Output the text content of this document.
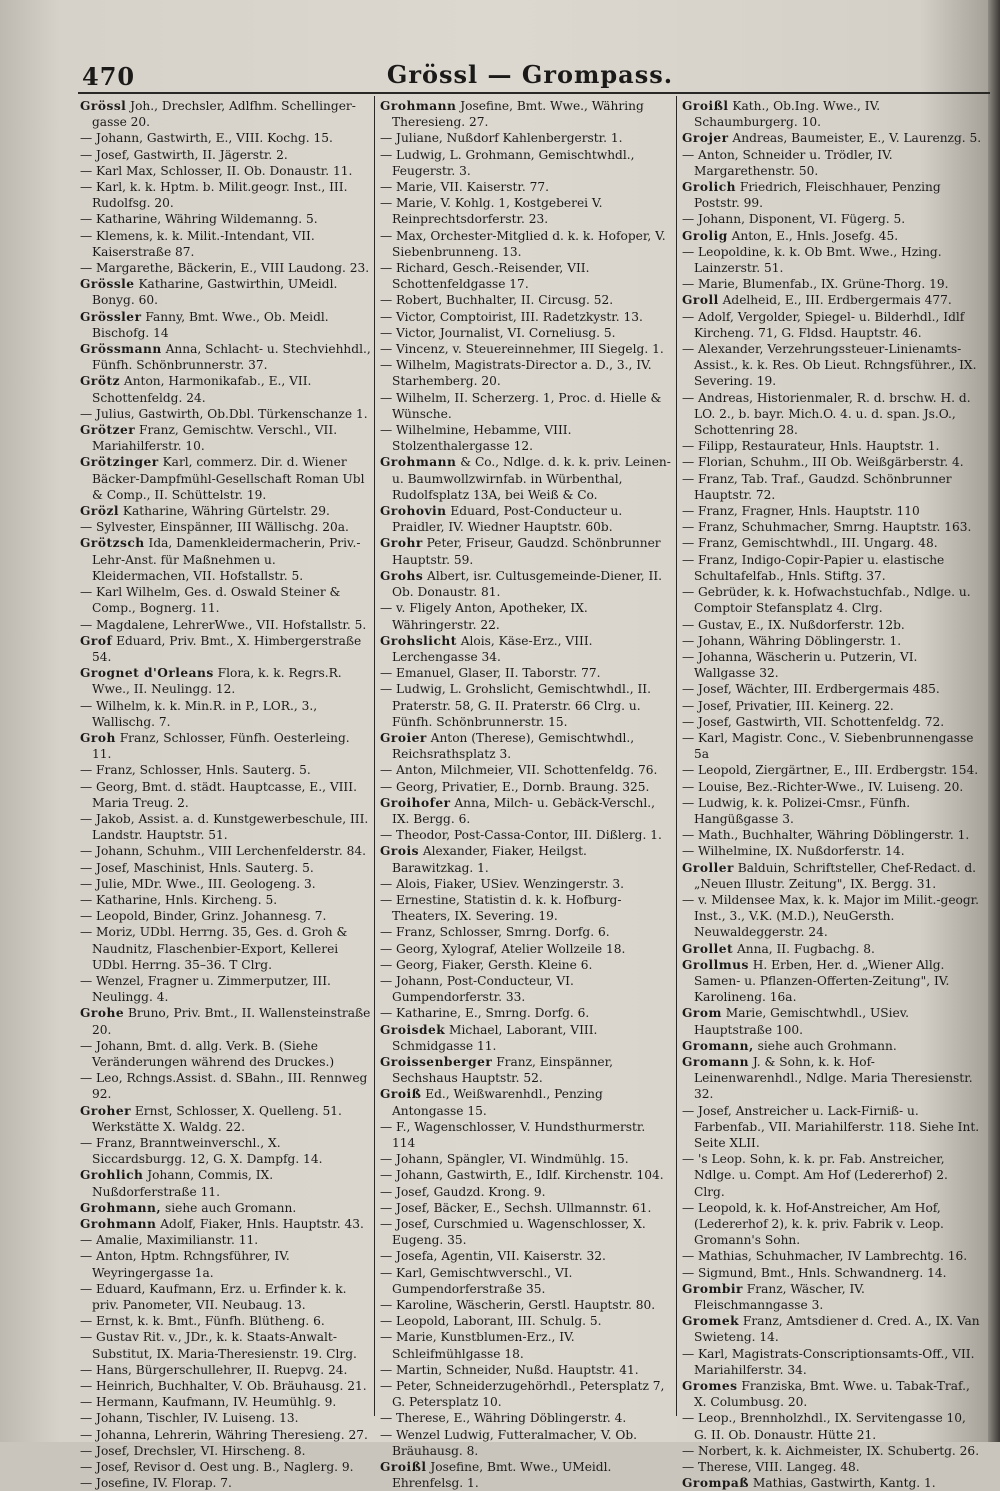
470	Grössl — Grompass.

Grössl Joh., Drechsler, Adlfhm. Schellinger-gasse 20.

— Johann, Gastwirth, E., VIII. Kochg. 15.

— Josef, Gastwirth, II. Jägerstr. 2.

— Karl Max, Schlosser, II. Ob. Donaustr. 11.

— Karl, k. k. Hptm. b. Milit.geogr. Inst., III. Rudolfsg. 20.

— Katharine, Währing Wildemanng. 5.

— Klemens, k. k. Milit.-Intendant, VII. Kaiserstraße 87.

— Margarethe, Bäckerin, E., VIII Laudong. 23.

Grössle Katharine, Gastwirthin, UMeidl. Bonyg. 60.

Grössler Fanny, Bmt. Wwe., Ob. Meidl. Bischofg. 14

Grössmann Anna, Schlacht- u. Stechviehhdl., Fünfh. Schönbrunnerstr. 37.

Grötz Anton, Harmonikafab., E., VII. Schottenfeldg. 24.

— Julius, Gastwirth, Ob.Dbl. Türkenschanze 1.

Grötzer Franz, Gemischtw. Verschl., VII. Mariahilferstr. 10.

Grötzinger Karl, commerz. Dir. d. Wiener Bäcker-Dampfmühl-Gesellschaft Roman Ubl & Comp., II. Schüttelstr. 19.

Grözl Katharine, Währing Gürtelstr. 29.

— Sylvester, Einspänner, III Wällischg. 20a.

Grötzsch Ida, Damenkleidermacherin, Priv.-Lehr-Anst. für Maßnehmen u. Kleidermachen, VII. Hofstallstr. 5.

— Karl Wilhelm, Ges. d. Oswald Steiner & Comp., Bognerg. 11.

— Magdalene, LehrerWwe., VII. Hofstallstr. 5.

Grof Eduard, Priv. Bmt., X. Himbergerstraße 54.

Grognet d'Orleans Flora, k. k. Regrs.R. Wwe., II. Neulingg. 12.

— Wilhelm, k. k. Min.R. in P., LOR., 3., Wallischg. 7.

Groh Franz, Schlosser, Fünfh. Oesterleing. 11.

— Franz, Schlosser, Hnls. Sauterg. 5.

— Georg, Bmt. d. städt. Hauptcasse, E., VIII. Maria Treug. 2.

— Jakob, Assist. a. d. Kunstgewerbeschule, III. Landstr. Hauptstr. 51.

— Johann, Schuhm., VIII Lerchenfelderstr. 84.

— Josef, Maschinist, Hnls. Sauterg. 5.

— Julie, MDr. Wwe., III. Geologeng. 3.

— Katharine, Hnls. Kircheng. 5.

— Leopold, Binder, Grinz. Johannesg. 7.

— Moriz, UDbl. Herrng. 35, Ges. d. Groh & Naudnitz, Flaschenbier-Export, Kellerei UDbl. Herrng. 35–36. T Clrg.

— Wenzel, Fragner u. Zimmerputzer, III. Neulingg. 4.

Grohe Bruno, Priv. Bmt., II. Wallensteinstraße 20.

— Johann, Bmt. d. allg. Verk. B. (Siehe Veränderungen während des Druckes.)

— Leo, Rchngs.Assist. d. SBahn., III. Rennweg 92.

Groher Ernst, Schlosser, X. Quelleng. 51. Werkstätte X. Waldg. 22.

— Franz, Branntweinverschl., X. Siccardsburgg. 12, G. X. Dampfg. 14.

Grohlich Johann, Commis, IX. Nußdorferstraße 11.

Grohmann, siehe auch Gromann.

Grohmann Adolf, Fiaker, Hnls. Hauptstr. 43.

— Amalie, Maximilianstr. 11.

— Anton, Hptm. Rchngsführer, IV. Weyringergasse 1a.

— Eduard, Kaufmann, Erz. u. Erfinder k. k. priv. Panometer, VII. Neubaug. 13.

— Ernst, k. k. Bmt., Fünfh. Blütheng. 6.

— Gustav Rit. v., JDr., k. k. Staats-Anwalt-Substitut, IX. Maria-Theresienstr. 19. Clrg.

— Hans, Bürgerschullehrer, II. Ruepvg. 24.

— Heinrich, Buchhalter, V. Ob. Bräuhausg. 21.

— Hermann, Kaufmann, IV. Heumühlg. 9.

— Johann, Tischler, IV. Luiseng. 13.

— Johanna, Lehrerin, Währing Theresieng. 27.

— Josef, Drechsler, VI. Hirscheng. 8.

— Josef, Revisor d. Oest ung. B., Naglerg. 9.

— Josefine, IV. Florap. 7.

Grohmann Josefine, Bmt. Wwe., Währing Theresieng. 27.

— Juliane, Nußdorf Kahlenbergerstr. 1.

— Ludwig, L. Grohmann, Gemischtwhdl., Feugerstr. 3.

— Marie, VII. Kaiserstr. 77.

— Marie, V. Kohlg. 1, Kostgeberei V. Reinprechtsdorferstr. 23.

— Max, Orchester-Mitglied d. k. k. Hofoper, V. Siebenbrunneng. 13.

— Richard, Gesch.-Reisender, VII. Schottenfeldgasse 17.

— Robert, Buchhalter, II. Circusg. 52.

— Victor, Comptoirist, III. Radetzkystr. 13.

— Victor, Journalist, VI. Corneliusg. 5.

— Vincenz, v. Steuereinnehmer, III Siegelg. 1.

— Wilhelm, Magistrats-Director a. D., 3., IV. Starhemberg. 20.

— Wilhelm, II. Scherzerg. 1, Proc. d. Hielle & Wünsche.

— Wilhelmine, Hebamme, VIII. Stolzenthalergasse 12.

Grohmann & Co., Ndlge. d. k. k. priv. Leinen- u. Baumwollzwirnfab. in Würbenthal, Rudolfsplatz 13A, bei Weiß & Co.

Grohovin Eduard, Post-Conducteur u. Praidler, IV. Wiedner Hauptstr. 60b.

Grohr Peter, Friseur, Gaudzd. Schönbrunner Hauptstr. 59.

Grohs Albert, isr. Cultusgemeinde-Diener, II. Ob. Donaustr. 81.

— v. Fligely Anton, Apotheker, IX. Währingerstr. 22.

Grohslicht Alois, Käse-Erz., VIII. Lerchengasse 34.

— Emanuel, Glaser, II. Taborstr. 77.

— Ludwig, L. Grohslicht, Gemischtwhdl., II. Praterstr. 58, G. II. Praterstr. 66 Clrg. u. Fünfh. Schönbrunnerstr. 15.

Groier Anton (Therese), Gemischtwhdl., Reichsrathsplatz 3.

— Anton, Milchmeier, VII. Schottenfeldg. 76.

— Georg, Privatier, E., Dornb. Braung. 325.

Groihofer Anna, Milch- u. Gebäck-Verschl., IX. Bergg. 6.

— Theodor, Post-Cassa-Contor, III. Dißlerg. 1.

Grois Alexander, Fiaker, Heilgst. Barawitzkag. 1.

— Alois, Fiaker, USiev. Wenzingerstr. 3.

— Ernestine, Statistin d. k. k. Hofburg-Theaters, IX. Severing. 19.

— Franz, Schlosser, Smrng. Dorfg. 6.

— Georg, Xylograf, Atelier Wollzeile 18.

— Georg, Fiaker, Gersth. Kleine 6.

— Johann, Post-Conducteur, VI. Gumpendorferstr. 33.

— Katharine, E., Smrng. Dorfg. 6.

Groisdek Michael, Laborant, VIII. Schmidgasse 11.

Groissenberger Franz, Einspänner, Sechshaus Hauptstr. 52.

Groiß Ed., Weißwarenhdl., Penzing Antongasse 15.

— F., Wagenschlosser, V. Hundsthurmerstr. 114

— Johann, Spängler, VI. Windmühlg. 15.

— Johann, Gastwirth, E., Idlf. Kirchenstr. 104.

— Josef, Gaudzd. Krong. 9.

— Josef, Bäcker, E., Sechsh. Ullmannstr. 61.

— Josef, Curschmied u. Wagenschlosser, X. Eugeng. 35.

— Josefa, Agentin, VII. Kaiserstr. 32.

— Karl, Gemischtwverschl., VI. Gumpendorferstraße 35.

— Karoline, Wäscherin, Gerstl. Hauptstr. 80.

— Leopold, Laborant, III. Schulg. 5.

— Marie, Kunstblumen-Erz., IV. Schleifmühlgasse 18.

— Martin, Schneider, Nußd. Hauptstr. 41.

— Peter, Schneiderzugehörhdl., Petersplatz 7, G. Petersplatz 10.

— Therese, E., Währing Döblingerstr. 4.

— Wenzel Ludwig, Futteralmacher, V. Ob. Bräuhausg. 8.

Groißl Josefine, Bmt. Wwe., UMeidl. Ehrenfelsg. 1.

Groißl Kath., Ob.Ing. Wwe., IV. Schaumburgerg. 10.

Grojer Andreas, Baumeister, E., V. Laurenzg. 5.

— Anton, Schneider u. Trödler, IV. Margarethenstr. 50.

Grolich Friedrich, Fleischhauer, Penzing Poststr. 99.

— Johann, Disponent, VI. Fügerg. 5.

Grolig Anton, E., Hnls. Josefg. 45.

— Leopoldine, k. k. Ob Bmt. Wwe., Hzing. Lainzerstr. 51.

— Marie, Blumenfab., IX. Grüne-Thorg. 19.

Groll Adelheid, E., III. Erdbergermais 477.

— Adolf, Vergolder, Spiegel- u. Bilderhdl., Idlf Kircheng. 71, G. Fldsd. Hauptstr. 46.

— Alexander, Verzehrungssteuer-Linienamts-Assist., k. k. Res. Ob Lieut. Rchngsführer., IX. Severing. 19.

— Andreas, Historienmaler, R. d. brschw. H. d. LO. 2., b. bayr. Mich.O. 4. u. d. span. Js.O., Schottenring 28.

— Filipp, Restaurateur, Hnls. Hauptstr. 1.

— Florian, Schuhm., III Ob. Weißgärberstr. 4.

— Franz, Tab. Traf., Gaudzd. Schönbrunner Hauptstr. 72.

— Franz, Fragner, Hnls. Hauptstr. 110

— Franz, Schuhmacher, Smrng. Hauptstr. 163.

— Franz, Gemischtwhdl., III. Ungarg. 48.

— Franz, Indigo-Copir-Papier u. elastische Schultafelfab., Hnls. Stiftg. 37.

— Gebrüder, k. k. Hofwachstuchfab., Ndlge. u. Comptoir Stefansplatz 4. Clrg.

— Gustav, E., IX. Nußdorferstr. 12b.

— Johann, Währing Döblingerstr. 1.

— Johanna, Wäscherin u. Putzerin, VI. Wallgasse 32.

— Josef, Wächter, III. Erdbergermais 485.

— Josef, Privatier, III. Keinerg. 22.

— Josef, Gastwirth, VII. Schottenfeldg. 72.

— Karl, Magistr. Conc., V. Siebenbrunnengasse 5a

— Leopold, Ziergärtner, E., III. Erdbergstr. 154.

— Louise, Bez.-Richter-Wwe., IV. Luiseng. 20.

— Ludwig, k. k. Polizei-Cmsr., Fünfh. Hangüßgasse 3.

— Math., Buchhalter, Währing Döblingerstr. 1.

— Wilhelmine, IX. Nußdorferstr. 14.

Groller Balduin, Schriftsteller, Chef-Redact. d. „Neuen Illustr. Zeitung", IX. Bergg. 31.

— v. Mildensee Max, k. k. Major im Milit.-geogr. Inst., 3., V.K. (M.D.), NeuGersth. Neuwaldeggerstr. 24.

Grollet Anna, II. Fugbachg. 8.

Grollmus H. Erben, Her. d. „Wiener Allg. Samen- u. Pflanzen-Offerten-Zeitung", IV. Karolineng. 16a.

Grom Marie, Gemischtwhdl., USiev. Hauptstraße 100.

Gromann, siehe auch Grohmann.

Gromann J. & Sohn, k. k. Hof-Leinenwarenhdl., Ndlge. Maria Theresienstr. 32.

— Josef, Anstreicher u. Lack-Firniß- u. Farbenfab., VII. Mariahilferstr. 118. Siehe Int. Seite XLII.

— 's Leop. Sohn, k. k. pr. Fab. Anstreicher, Ndlge. u. Compt. Am Hof (Ledererhof) 2. Clrg.

— Leopold, k. k. Hof-Anstreicher, Am Hof, (Ledererhof 2), k. k. priv. Fabrik v. Leop. Gromann's Sohn.

— Mathias, Schuhmacher, IV Lambrechtg. 16.

— Sigmund, Bmt., Hnls. Schwandnerg. 14.

Grombir Franz, Wäscher, IV. Fleischmanngasse 3.

Gromek Franz, Amtsdiener d. Cred. A., IX. Van Swieteng. 14.

— Karl, Magistrats-Conscriptionsamts-Off., VII. Mariahilferstr. 34.

Gromes Franziska, Bmt. Wwe. u. Tabak-Traf., X. Columbusg. 20.

— Leop., Brennholzhdl., IX. Servitengasse 10, G. II. Ob. Donaustr. Hütte 21.

— Norbert, k. k. Aichmeister, IX. Schubertg. 26.

— Therese, VIII. Langeg. 48.

Grompaß Mathias, Gastwirth, Kantg. 1.
